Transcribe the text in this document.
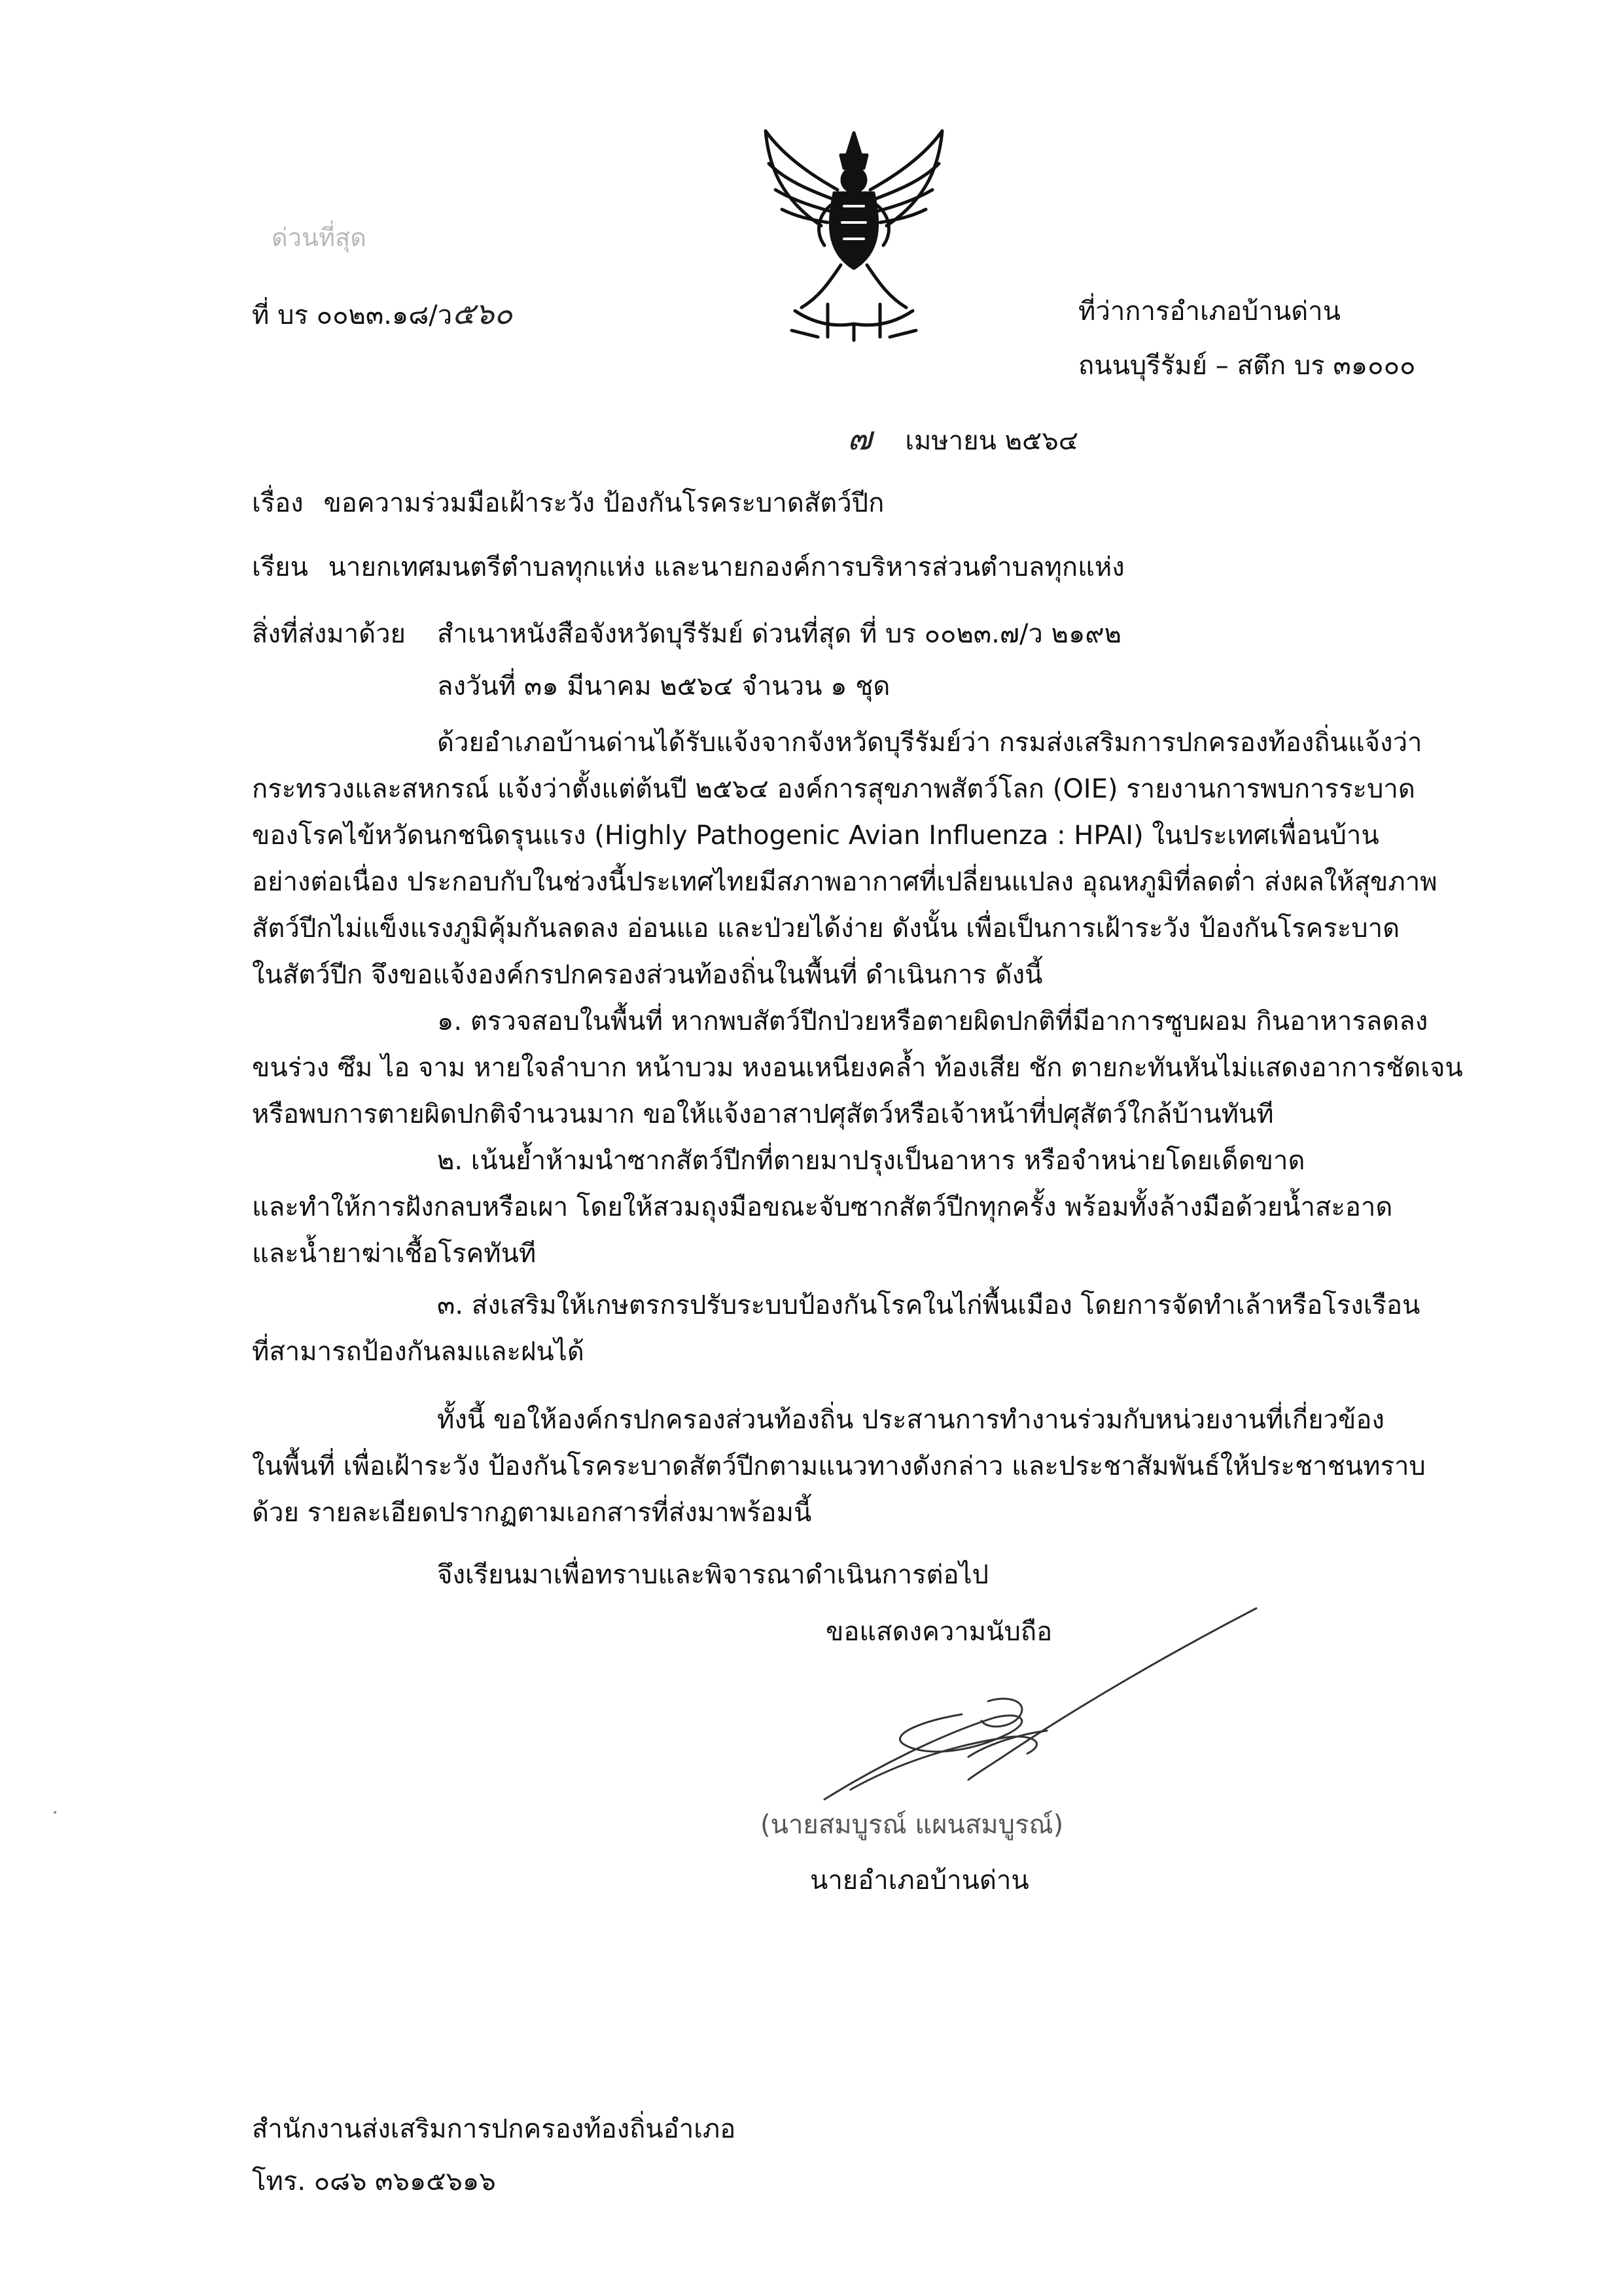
ด่วนที่สุด
ที่ บร ๐๐๒๓.๑๘/ว๕๖๐	ที่ว่าการอำเภอบ้านด่าน
ถนนบุรีรัมย์ – สตึก บร ๓๑๐๐๐
๗ เมษายน ๒๕๖๔
เรื่อง ขอความร่วมมือเฝ้าระวัง ป้องกันโรคระบาดสัตว์ปีก
เรียน นายกเทศมนตรีตำบลทุกแห่ง และนายกองค์การบริหารส่วนตำบลทุกแห่ง
สิ่งที่ส่งมาด้วย สำเนาหนังสือจังหวัดบุรีรัมย์ ด่วนที่สุด ที่ บร ๐๐๒๓.๗/ว ๒๑๙๒
ลงวันที่ ๓๑ มีนาคม ๒๕๖๔ จำนวน ๑ ชุด
ด้วยอำเภอบ้านด่านได้รับแจ้งจากจังหวัดบุรีรัมย์ว่า กรมส่งเสริมการปกครองท้องถิ่นแจ้งว่า
กระทรวงและสหกรณ์ แจ้งว่าตั้งแต่ต้นปี ๒๕๖๔ องค์การสุขภาพสัตว์โลก (OIE) รายงานการพบการระบาด
ของโรคไข้หวัดนกชนิดรุนแรง (Highly Pathogenic Avian Influenza : HPAI) ในประเทศเพื่อนบ้าน
อย่างต่อเนื่อง ประกอบกับในช่วงนี้ประเทศไทยมีสภาพอากาศที่เปลี่ยนแปลง อุณหภูมิที่ลดต่ำ ส่งผลให้สุขภาพ
สัตว์ปีกไม่แข็งแรงภูมิคุ้มกันลดลง อ่อนแอ และป่วยได้ง่าย ดังนั้น เพื่อเป็นการเฝ้าระวัง ป้องกันโรคระบาด
ในสัตว์ปีก จึงขอแจ้งองค์กรปกครองส่วนท้องถิ่นในพื้นที่ ดำเนินการ ดังนี้
๑. ตรวจสอบในพื้นที่ หากพบสัตว์ปีกป่วยหรือตายผิดปกติที่มีอาการซูบผอม กินอาหารลดลง
ขนร่วง ซึม ไอ จาม หายใจลำบาก หน้าบวม หงอนเหนียงคล้ำ ท้องเสีย ชัก ตายกะทันหันไม่แสดงอาการชัดเจน
หรือพบการตายผิดปกติจำนวนมาก ขอให้แจ้งอาสาปศุสัตว์หรือเจ้าหน้าที่ปศุสัตว์ใกล้บ้านทันที
๒. เน้นย้ำห้ามนำซากสัตว์ปีกที่ตายมาปรุงเป็นอาหาร หรือจำหน่ายโดยเด็ดขาด
และทำให้การฝังกลบหรือเผา โดยให้สวมถุงมือขณะจับซากสัตว์ปีกทุกครั้ง พร้อมทั้งล้างมือด้วยน้ำสะอาด
และน้ำยาฆ่าเชื้อโรคทันที
๓. ส่งเสริมให้เกษตรกรปรับระบบป้องกันโรคในไก่พื้นเมือง โดยการจัดทำเล้าหรือโรงเรือน
ที่สามารถป้องกันลมและฝนได้
ทั้งนี้ ขอให้องค์กรปกครองส่วนท้องถิ่น ประสานการทำงานร่วมกับหน่วยงานที่เกี่ยวข้อง
ในพื้นที่ เพื่อเฝ้าระวัง ป้องกันโรคระบาดสัตว์ปีกตามแนวทางดังกล่าว และประชาสัมพันธ์ให้ประชาชนทราบ
ด้วย รายละเอียดปรากฏตามเอกสารที่ส่งมาพร้อมนี้
จึงเรียนมาเพื่อทราบและพิจารณาดำเนินการต่อไป
ขอแสดงความนับถือ
(นายสมบูรณ์ แผนสมบูรณ์)
นายอำเภอบ้านด่าน
สำนักงานส่งเสริมการปกครองท้องถิ่นอำเภอ
โทร. ๐๘๖ ๓๖๑๕๖๑๖
